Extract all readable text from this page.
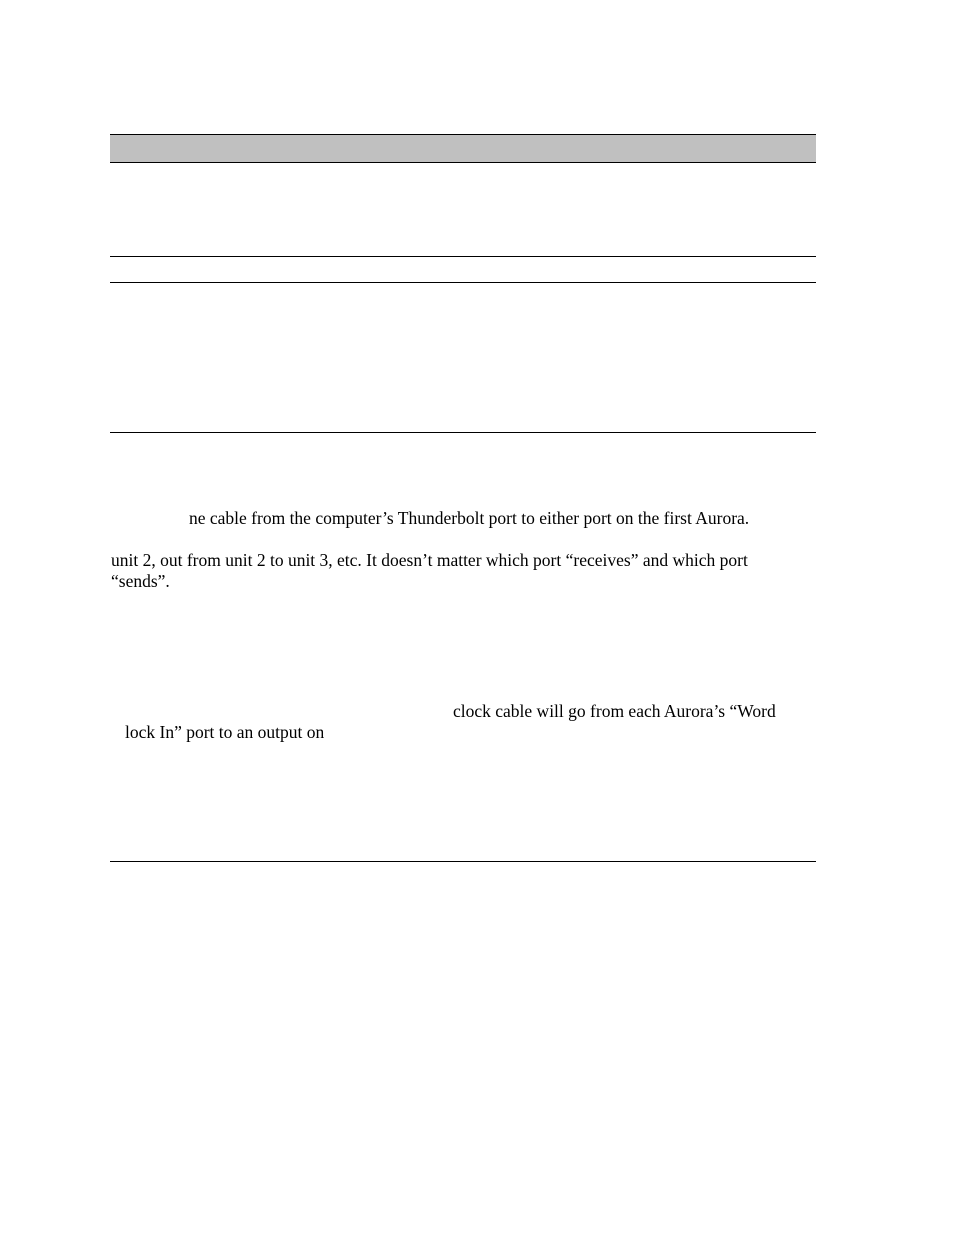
ne cable from the computer’s Thunderbolt port to either port on the first Aurora.
unit 2, out from unit 2 to unit 3, etc. It doesn’t matter which port “receives” and which port
“sends”.
clock cable will go from each Aurora’s “Word
lock In” port to an output on
